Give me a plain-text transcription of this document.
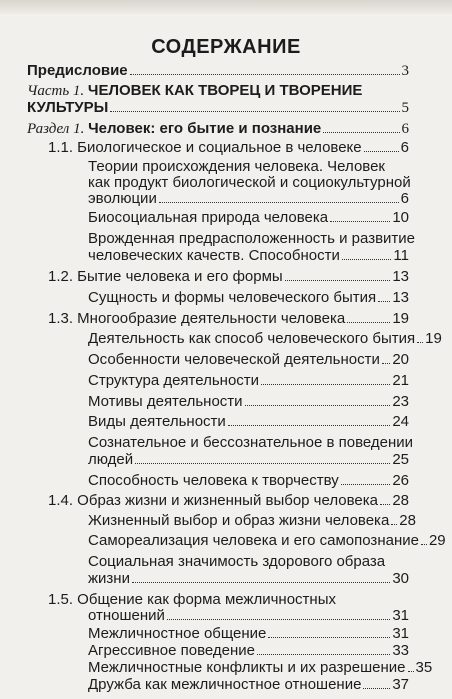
СОДЕРЖАНИЕ
Предисловие	3
Часть 1. ЧЕЛОВЕК КАК ТВОРЕЦ И ТВОРЕНИЕ
КУЛЬТУРЫ	5
Раздел 1. Человек: его бытие и познание	6
1.1. Биологическое и социальное в человеке	6
Теории происхождения человека. Человек
как продукт биологической и социокультурной
эволюции	6
Биосоциальная природа человека	10
Врожденная предрасположенность и развитие
человеческих качеств. Способности	11
1.2. Бытие человека и его формы	13
Сущность и формы человеческого бытия 13
1.3. Многообразие деятельности человека	19
Деятельность как способ человеческого бытия 19
Особенности человеческой деятельности 20
Структура деятельности	21
Мотивы деятельности	23
Виды деятельности	24
Сознательное и бессознательное в поведении
людей	25
Способность человека к творчеству	26
1.4. Образ жизни и жизненный выбор человека 28
Жизненный выбор и образ жизни человека 28
Самореализация человека и его самопознание 29
Социальная значимость здорового образа
жизни	30
1.5. Общение как форма межличностных
отношений	31
Межличностное общение	31
Агрессивное поведение	33
Межличностные конфликты и их разрешение 35
Дружба как межличностное отношение 37
